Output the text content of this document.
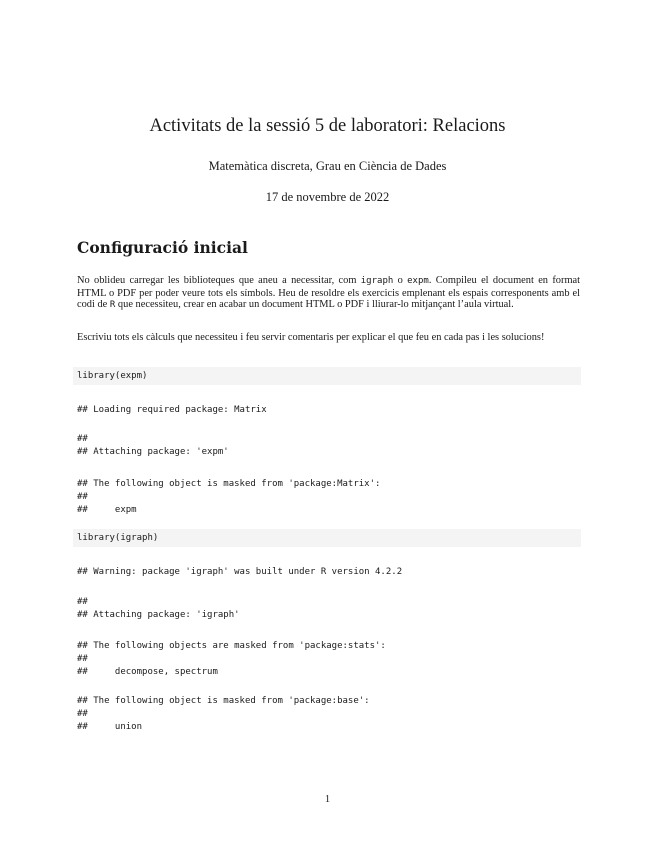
Activitats de la sessió 5 de laboratori: Relacions
Matemàtica discreta, Grau en Ciència de Dades
17 de novembre de 2022
Configuració inicial

No oblideu carregar les biblioteques que aneu a necessitar, com igraph o expm. Compileu el document en format HTML o PDF per poder veure tots els símbols. Heu de resoldre els exercicis emplenant els espais corresponents amb el codi de R que necessiteu, crear en acabar un document HTML o PDF i lliurar-lo mitjançant l’aula virtual.

Escriviu tots els càlculs que necessiteu i feu servir comentaris per explicar el que feu en cada pas i les solucions!

library(expm)
## Loading required package: Matrix
##
## Attaching package: 'expm'
## The following object is masked from 'package:Matrix':
##
##     expm
library(igraph)
## Warning: package 'igraph' was built under R version 4.2.2
##
## Attaching package: 'igraph'
## The following objects are masked from 'package:stats':
##
##     decompose, spectrum
## The following object is masked from 'package:base':
##
##     union
1
